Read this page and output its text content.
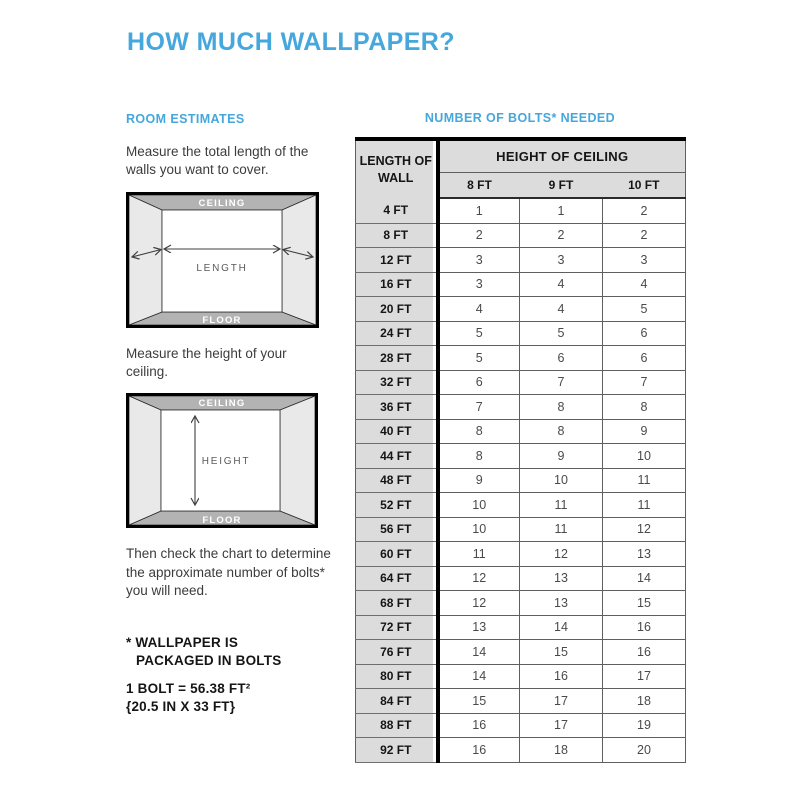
HOW MUCH WALLPAPER?
ROOM ESTIMATES

Measure the total length of the walls you want to cover.

CEILING
FLOOR
LENGTH

Measure the height of your ceiling.

CEILING
FLOOR
HEIGHT

Then check the chart to determine the approximate number of bolts* you will need.

* WALLPAPER IS
PACKAGED IN BOLTS

1 BOLT = 56.38 FT²
{20.5 IN X 33 FT}

NUMBER OF BOLTS* NEEDED
LENGTH OF WALL	HEIGHT OF CEILING		
	8 FT	9 FT	10 FT
4 FT	1	1	2
8 FT	2	2	2
12 FT	3	3	3
16 FT	3	4	4
20 FT	4	4	5
24 FT	5	5	6
28 FT	5	6	6
32 FT	6	7	7
36 FT	7	8	8
40 FT	8	8	9
44 FT	8	9	10
48 FT	9	10	11
52 FT	10	11	11
56 FT	10	11	12
60 FT	11	12	13
64 FT	12	13	14
68 FT	12	13	15
72 FT	13	14	16
76 FT	14	15	16
80 FT	14	16	17
84 FT	15	17	18
88 FT	16	17	19
92 FT	16	18	20
